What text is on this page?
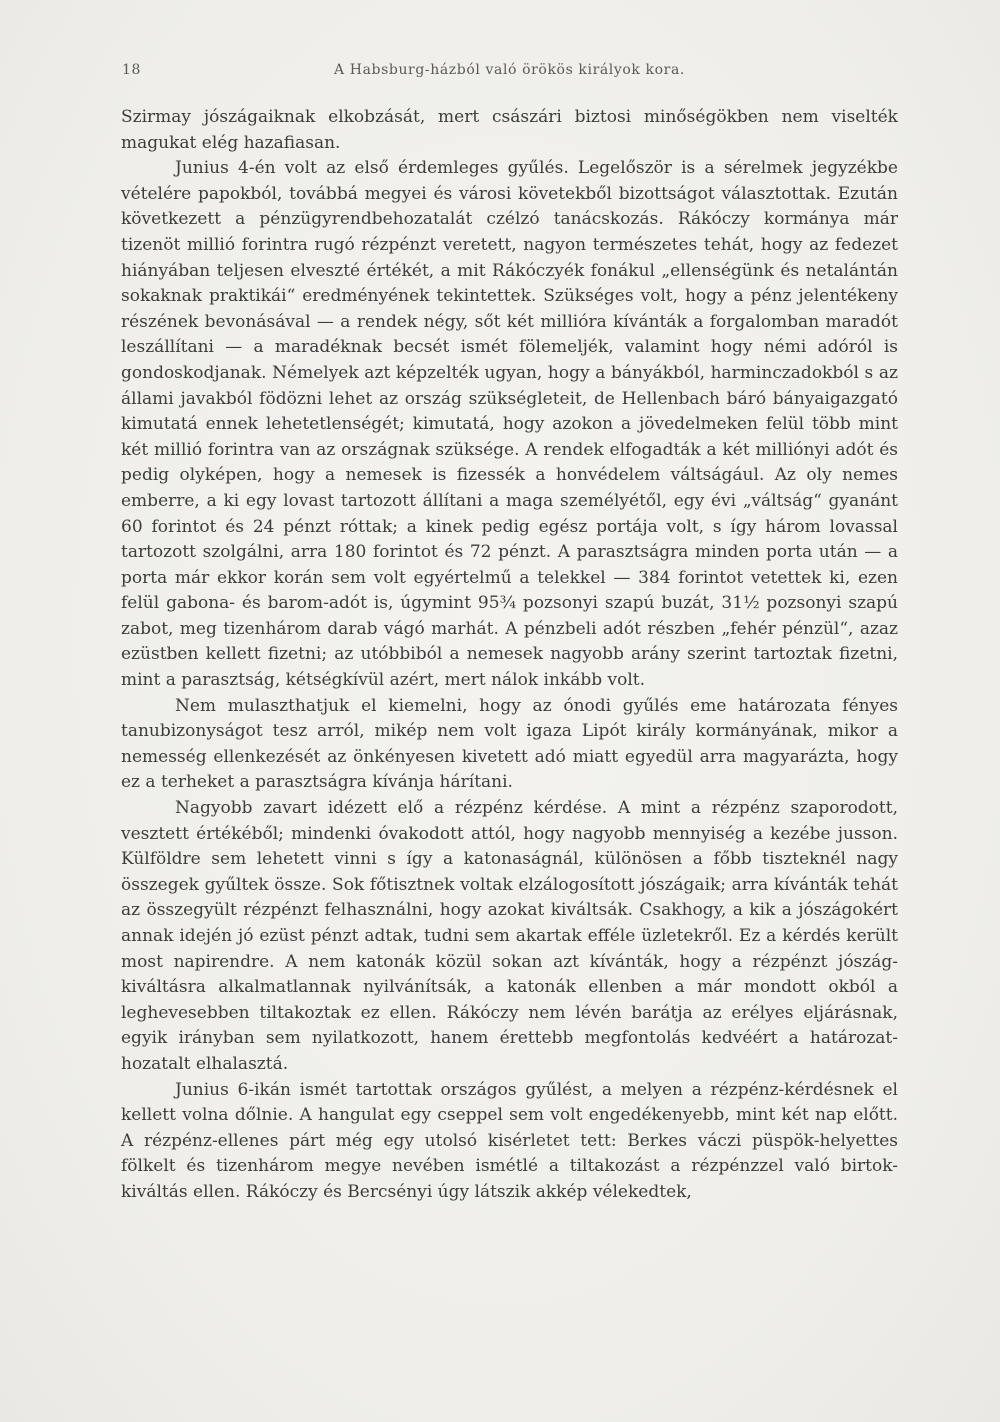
18	A Habsburg-házból való örökös királyok kora.

Szirmay jószágaiknak elkobzását, mert császári biztosi minőségökben nem viselték magukat elég hazafiasan.

Junius 4-én volt az első érdemleges gyűlés. Legelőször is a sérelmek jegyzékbe vételére papokból, továbbá megyei és városi követekből bizottságot választottak. Ezután következett a pénzügyrendbehozatalát czélzó tanácskozás. Rákóczy kormánya már tizenöt millió forintra rugó rézpénzt veretett, nagyon természetes tehát, hogy az fedezet hiányában teljesen elveszté értékét, a mit Rákóczyék fonákul „ellenségünk és netalántán sokaknak praktikái“ eredményének tekintettek. Szükséges volt, hogy a pénz jelentékeny részének bevonásával — a rendek négy, sőt két millióra kívánták a forgalomban maradót leszállítani — a maradéknak becsét ismét fölemeljék, valamint hogy némi adóról is gondoskodjanak. Némelyek azt képzelték ugyan, hogy a bányákból, harminczadokból s az állami javakból födözni lehet az ország szükségleteit, de Hellenbach báró bányaigazgató kimutatá ennek lehetetlenségét; kimutatá, hogy azokon a jövedelmeken felül több mint két millió forintra van az országnak szüksége. A rendek elfogadták a két milliónyi adót és pedig olyképen, hogy a nemesek is fizessék a honvédelem váltságául. Az oly nemes emberre, a ki egy lovast tartozott állítani a maga személyétől, egy évi „váltság“ gyanánt 60 forintot és 24 pénzt róttak; a kinek pedig egész portája volt, s így három lovassal tartozott szolgálni, arra 180 forintot és 72 pénzt. A parasztságra minden porta után — a porta már ekkor korán sem volt egyértelmű a telekkel — 384 forintot vetettek ki, ezen felül gabona- és barom-adót is, úgymint 95¾ pozsonyi szapú buzát, 31½ pozsonyi szapú zabot, meg tizenhárom darab vágó marhát. A pénzbeli adót részben „fehér pénzül“, azaz ezüstben kellett fizetni; az utóbbiból a nemesek nagyobb arány szerint tartoztak fizetni, mint a parasztság, kétségkívül azért, mert nálok inkább volt.

Nem mulaszthatjuk el kiemelni, hogy az ónodi gyűlés eme határozata fényes tanubizonyságot tesz arról, mikép nem volt igaza Lipót király kormányának, mikor a nemesség ellenkezését az önkényesen kivetett adó miatt egyedül arra magyarázta, hogy ez a terheket a parasztságra kívánja hárítani.

Nagyobb zavart idézett elő a rézpénz kérdése. A mint a rézpénz szaporodott, vesztett értékéből; mindenki óvakodott attól, hogy nagyobb mennyiség a kezébe jusson. Külföldre sem lehetett vinni s így a katonaságnál, különösen a főbb tiszteknél nagy összegek gyűltek össze. Sok főtisztnek voltak elzálogosított jószágaik; arra kívánták tehát az összegyült rézpénzt felhasználni, hogy azokat kiváltsák. Csakhogy, a kik a jószágokért annak idején jó ezüst pénzt adtak, tudni sem akartak efféle üzletekről. Ez a kérdés került most napirendre. A nem katonák közül sokan azt kívánták, hogy a rézpénzt jószág-kiváltásra alkalmatlannak nyilvánítsák, a katonák ellenben a már mondott okból a leghevesebben tiltakoztak ez ellen. Rákóczy nem lévén barátja az erélyes eljárásnak, egyik irányban sem nyilatkozott, hanem érettebb megfontolás kedvéért a határozat-hozatalt elhalasztá.

Junius 6-ikán ismét tartottak országos gyűlést, a melyen a rézpénz-kérdésnek el kellett volna dőlnie. A hangulat egy cseppel sem volt engedékenyebb, mint két nap előtt. A rézpénz-ellenes párt még egy utolsó kisérletet tett: Berkes váczi püspök-helyettes fölkelt és tizenhárom megye nevében ismétlé a tiltakozást a rézpénzzel való birtok-kiváltás ellen. Rákóczy és Bercsényi úgy látszik akkép vélekedtek,
